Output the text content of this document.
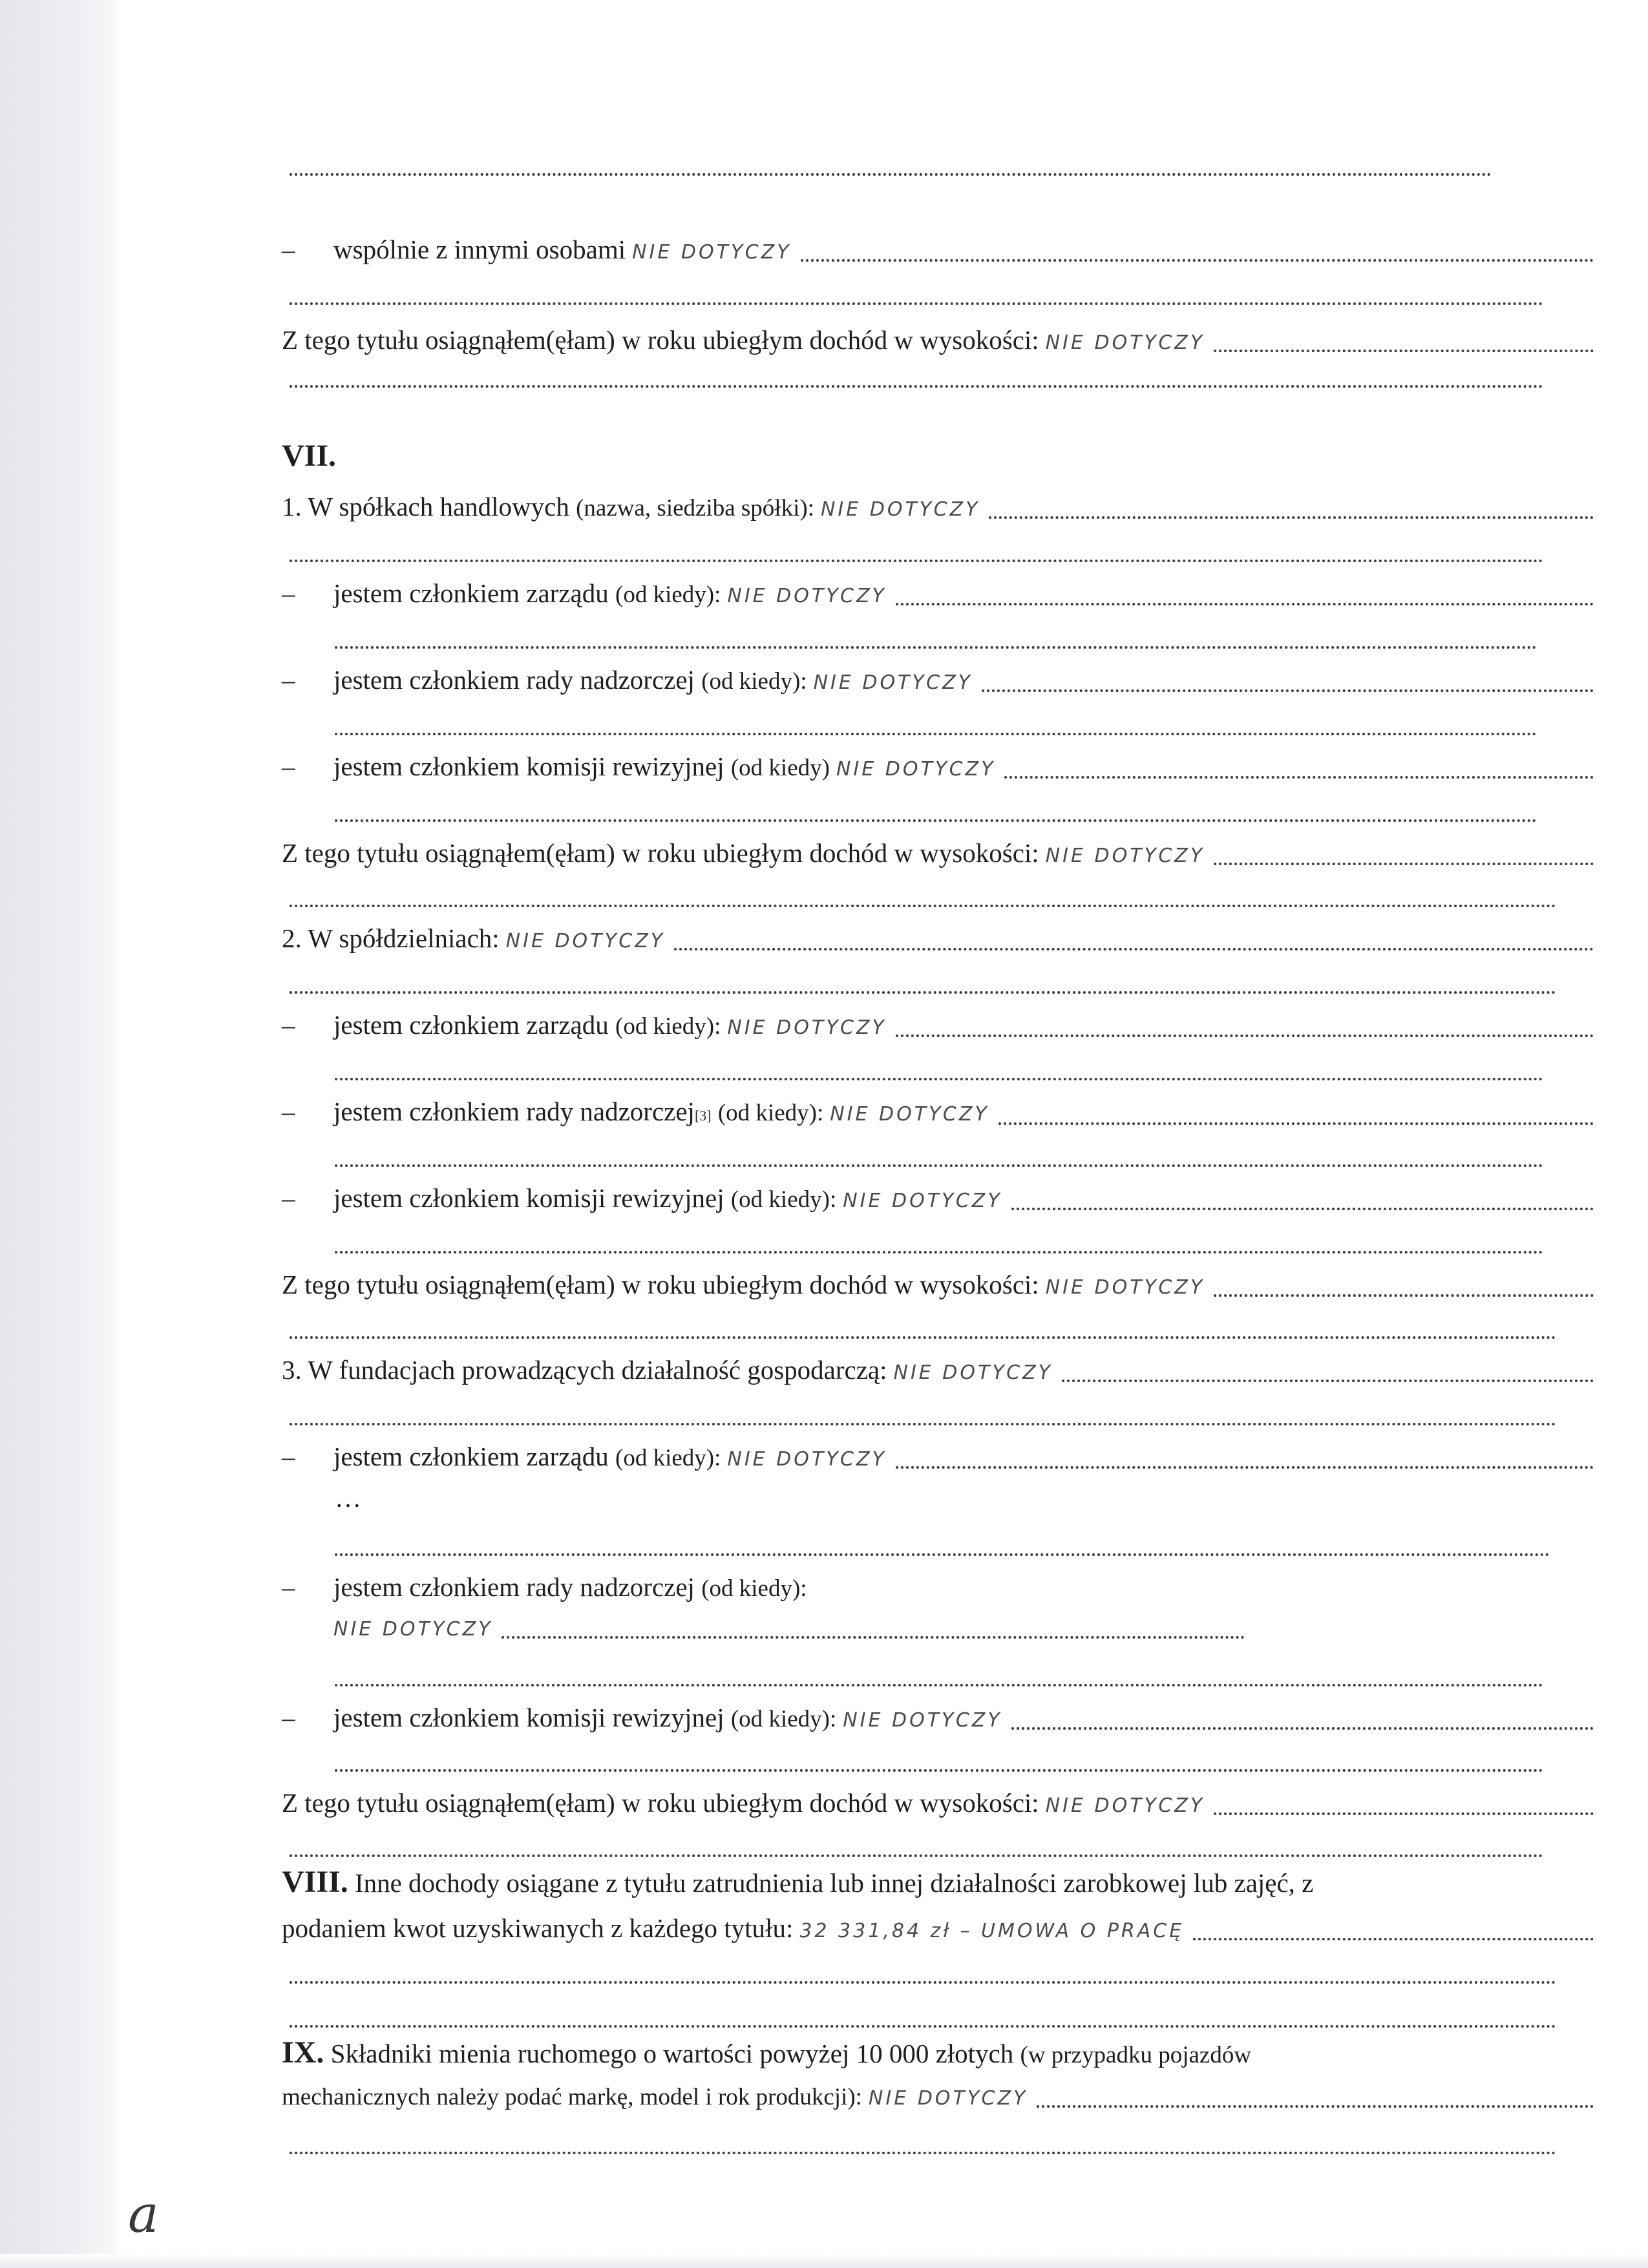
–	wspólnie z innymi osobami NIE DOTYCZY
Z tego tytułu osiągnąłem(ęłam) w roku ubiegłym dochód w wysokości: NIE DOTYCZY
VII.
1. W spółkach handlowych
(nazwa, siedziba spółki): NIE DOTYCZY
–	jestem członkiem zarządu
(od kiedy): NIE DOTYCZY
–	jestem członkiem rady nadzorczej
(od kiedy): NIE DOTYCZY
–	jestem członkiem komisji rewizyjnej
(od kiedy) NIE DOTYCZY
Z tego tytułu osiągnąłem(ęłam) w roku ubiegłym dochód w wysokości: NIE DOTYCZY
2. W spółdzielniach: NIE DOTYCZY
–	jestem członkiem zarządu
(od kiedy): NIE DOTYCZY
–	jestem członkiem rady nadzorczej [3]
(od kiedy): NIE DOTYCZY
–	jestem członkiem komisji rewizyjnej
(od kiedy): NIE DOTYCZY
Z tego tytułu osiągnąłem(ęłam) w roku ubiegłym dochód w wysokości: NIE DOTYCZY
3. W fundacjach prowadzących działalność gospodarczą: NIE DOTYCZY
–	jestem członkiem zarządu
(od kiedy): NIE DOTYCZY
…
–	jestem członkiem rady nadzorczej
(od kiedy):
NIE DOTYCZY
–	jestem członkiem komisji rewizyjnej
(od kiedy): NIE DOTYCZY
Z tego tytułu osiągnąłem(ęłam) w roku ubiegłym dochód w wysokości: NIE DOTYCZY
VIII. Inne dochody osiągane z tytułu zatrudnienia lub innej działalności zarobkowej lub zajęć, z
podaniem kwot uzyskiwanych z każdego tytułu: 32 331,84 zł – UMOWA O PRACĘ
IX. Składniki mienia ruchomego o wartości powyżej 10 000 złotych (w przypadku pojazdów
mechanicznych należy podać markę, model i rok produkcji): NIE DOTYCZY
a
